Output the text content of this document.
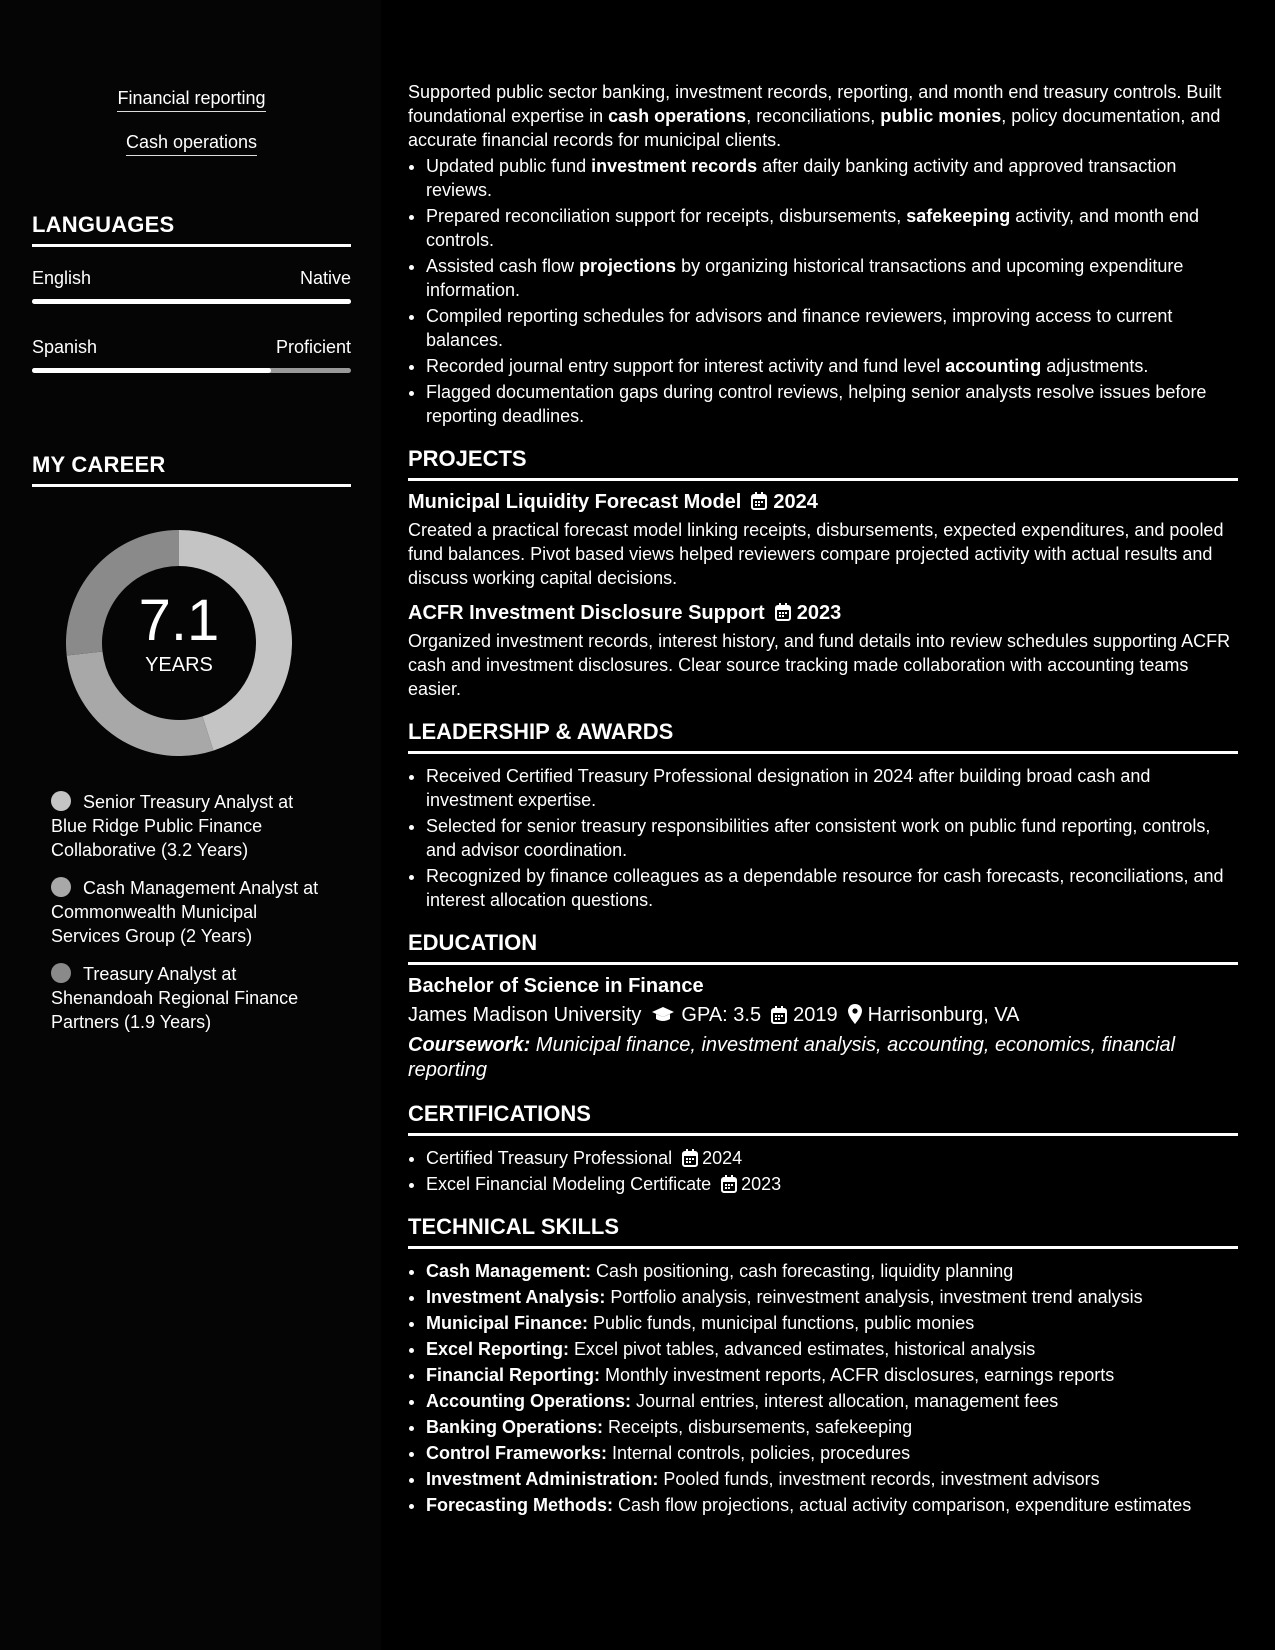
Financial reporting
Cash operations
LANGUAGES
English	Native
Spanish	Proficient
MY CAREER
7.1
YEARS
Senior Treasury Analyst at Blue Ridge Public Finance Collaborative (3.2 Years)
Cash Management Analyst at Commonwealth Municipal Services Group (2 Years)
Treasury Analyst at Shenandoah Regional Finance Partners (1.9 Years)

Supported public sector banking, investment records, reporting, and month end treasury controls. Built foundational expertise in cash operations, reconciliations, public monies, policy documentation, and accurate financial records for municipal clients.

• Updated public fund investment records after daily banking activity and approved transaction reviews.
• Prepared reconciliation support for receipts, disbursements, safekeeping activity, and month end controls.
• Assisted cash flow projections by organizing historical transactions and upcoming expenditure information.
• Compiled reporting schedules for advisors and finance reviewers, improving access to current balances.
• Recorded journal entry support for interest activity and fund level accounting adjustments.
• Flagged documentation gaps during control reviews, helping senior analysts resolve issues before reporting deadlines.
PROJECTS
Municipal Liquidity Forecast Model 2024

Created a practical forecast model linking receipts, disbursements, expected expenditures, and pooled fund balances. Pivot based views helped reviewers compare projected activity with actual results and discuss working capital decisions.

ACFR Investment Disclosure Support 2023

Organized investment records, interest history, and fund details into review schedules supporting ACFR cash and investment disclosures. Clear source tracking made collaboration with accounting teams easier.

LEADERSHIP & AWARDS
• Received Certified Treasury Professional designation in 2024 after building broad cash and investment expertise.
• Selected for senior treasury responsibilities after consistent work on public fund reporting, controls, and advisor coordination.
• Recognized by finance colleagues as a dependable resource for cash forecasts, reconciliations, and interest allocation questions.
EDUCATION
Bachelor of Science in Finance
James Madison University GPA: 3.5 2019 Harrisonburg, VA
Coursework: Municipal finance, investment analysis, accounting, economics, financial reporting
CERTIFICATIONS
• Certified Treasury Professional 2024
• Excel Financial Modeling Certificate 2023
TECHNICAL SKILLS
• Cash Management: Cash positioning, cash forecasting, liquidity planning
• Investment Analysis: Portfolio analysis, reinvestment analysis, investment trend analysis
• Municipal Finance: Public funds, municipal functions, public monies
• Excel Reporting: Excel pivot tables, advanced estimates, historical analysis
• Financial Reporting: Monthly investment reports, ACFR disclosures, earnings reports
• Accounting Operations: Journal entries, interest allocation, management fees
• Banking Operations: Receipts, disbursements, safekeeping
• Control Frameworks: Internal controls, policies, procedures
• Investment Administration: Pooled funds, investment records, investment advisors
• Forecasting Methods: Cash flow projections, actual activity comparison, expenditure estimates
